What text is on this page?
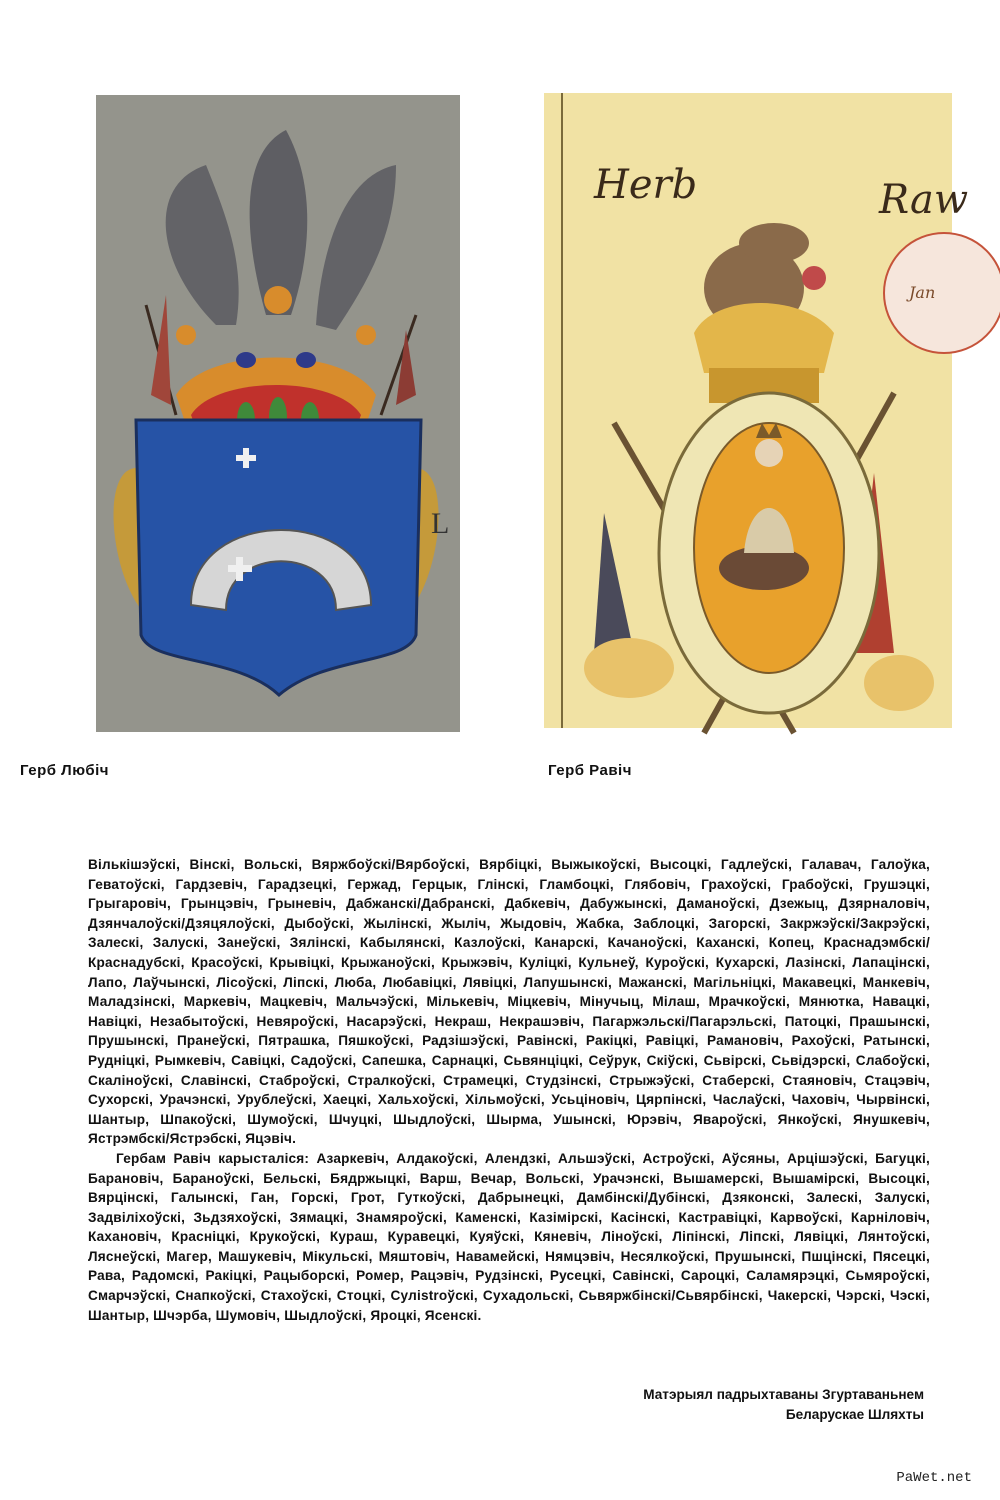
L
Herb	Raw
Jan
Герб Любіч	Герб Равіч

Вількішэўскі, Вінскі, Вольскі, Вяржбоўскі/Вярбоўскі, Вярбіцкі, Выжыкоўскі, Высоцкі, Гадлеўскі, Галавач, Галоўка, Геватоўскі, Гардзевіч, Гарадзецкі, Гержад, Герцык, Глінскі, Гламбоцкі, Глябовіч, Грахоўскі, Грабоўскі, Грушэцкі, Грыгаровіч, Грынцэвіч, Грыневіч, Дабжанскі/Дабранскі, Дабкевіч, Дабужынскі, Даманоўскі, Дзежыц, Дзярналовіч, Дзянчалоўскі/Дзяцялоўскі, Дыбоўскі, Жылінскі, Жыліч, Жыдовіч, Жабка, Заблоцкі, Загорскі, Закржэўскі/Закрэўскі, Залескі, Залускі, Занеўскі, Зялінскі, Кабылянскі, Казлоўскі, Канарскі, Качаноўскі, Каханскі, Копец, Краснадэмбскі/Краснадубскі, Красоўскі, Крывіцкі, Крыжаноўскі, Крыжэвіч, Куліцкі, Кульнеў, Куроўскі, Кухарскі, Лазінскі, Лапацінскі, Лапо, Лаўчынскі, Лісоўскі, Ліпскі, Люба, Любавіцкі, Лявіцкі, Лапушынскі, Мажанскі, Магільніцкі, Макавецкі, Манкевіч, Маладзінскі, Маркевіч, Мацкевіч, Мальчэўскі, Мількевіч, Міцкевіч, Мінучыц, Мілаш, Мрачкоўскі, Мянютка, Навацкі, Навіцкі, Незабытоўскі, Невяроўскі, Насарэўскі, Некраш, Некрашэвіч, Пагаржэльскі/Пагарэльскі, Патоцкі, Прашынскі, Прушынскі, Пранеўскі, Пятрашка, Пяшкоўскі, Радзішэўскі, Равінскі, Ракіцкі, Равіцкі, Рамановіч, Рахоўскі, Ратынскі, Рудніцкі, Рымкевіч, Савіцкі, Садоўскі, Сапешка, Сарнацкі, Сьвянціцкі, Сеўрук, Скіўскі, Сьвірскі, Сьвідэрскі, Слабоўскі, Скаліноўскі, Славінскі, Стаброўскі, Стралкоўскі, Страмецкі, Студзінскі, Стрыжэўскі, Стаберскі, Стаяновіч, Стацэвіч, Сухорскі, Урачэнскі, Урублеўскі, Хаецкі, Хальхоўскі, Хільмоўскі, Усьціновіч, Цярпінскі, Часлаўскі, Чаховіч, Чырвінскі, Шантыр, Шпакоўскі, Шумоўскі, Шчуцкі, Шыдлоўскі, Шырма, Ушынскі, Юрэвіч, Явароўскі, Янкоўскі, Янушкевіч, Ястрэмбскі/Ястрэбскі, Яцэвіч.

Гербам Равіч карысталіся: Азаркевіч, Алдакоўскі, Алендзкі, Альшэўскі, Астроўскі, Аўсяны, Арцішэўскі, Багуцкі, Барановіч, Бараноўскі, Бельскі, Бядржыцкі, Варш, Вечар, Вольскі, Урачэнскі, Вышамерскі, Вышамірскі, Высоцкі, Вярцінскі, Галынскі, Ган, Горскі, Грот, Гуткоўскі, Дабрынецкі, Дамбінскі/Дубінскі, Дзяконскі, Залескі, Залускі, Задвіліхоўскі, Зьдзяхоўскі, Зямацкі, Знамяроўскі, Каменскі, Казімірскі, Касінскі, Кастравіцкі, Карвоўскі, Карніловіч, Кахановіч, Красніцкі, Крукоўскі, Кураш, Куравецкі, Куяўскі, Кяневіч, Ліноўскі, Ліпінскі, Ліпскі, Лявіцкі, Лянтоўскі, Ляснеўскі, Магер, Машукевіч, Мікульскі, Мяштовіч, Навамейскі, Нямцэвіч, Несялкоўскі, Прушынскі, Пшцінскі, Пясецкі, Рава, Радомскі, Ракіцкі, Рацыборскі, Ромер, Рацэвіч, Рудзінскі, Русецкі, Савінскі, Сароцкі, Саламярэцкі, Сьмяроўскі, Смарчэўскі, Снапкоўскі, Стахоўскі, Стоцкі, Суліstroўскі, Сухадольскі, Сьвяржбінскі/Сьвярбінскі, Чакерскі, Чэрскі, Чэскі, Шантыр, Шчэрба, Шумовіч, Шыдлоўскі, Яроцкі, Ясенскі.

Матэрыял падрыхтаваны Згуртаваньнем
Беларускае Шляхты
PaWet.net
